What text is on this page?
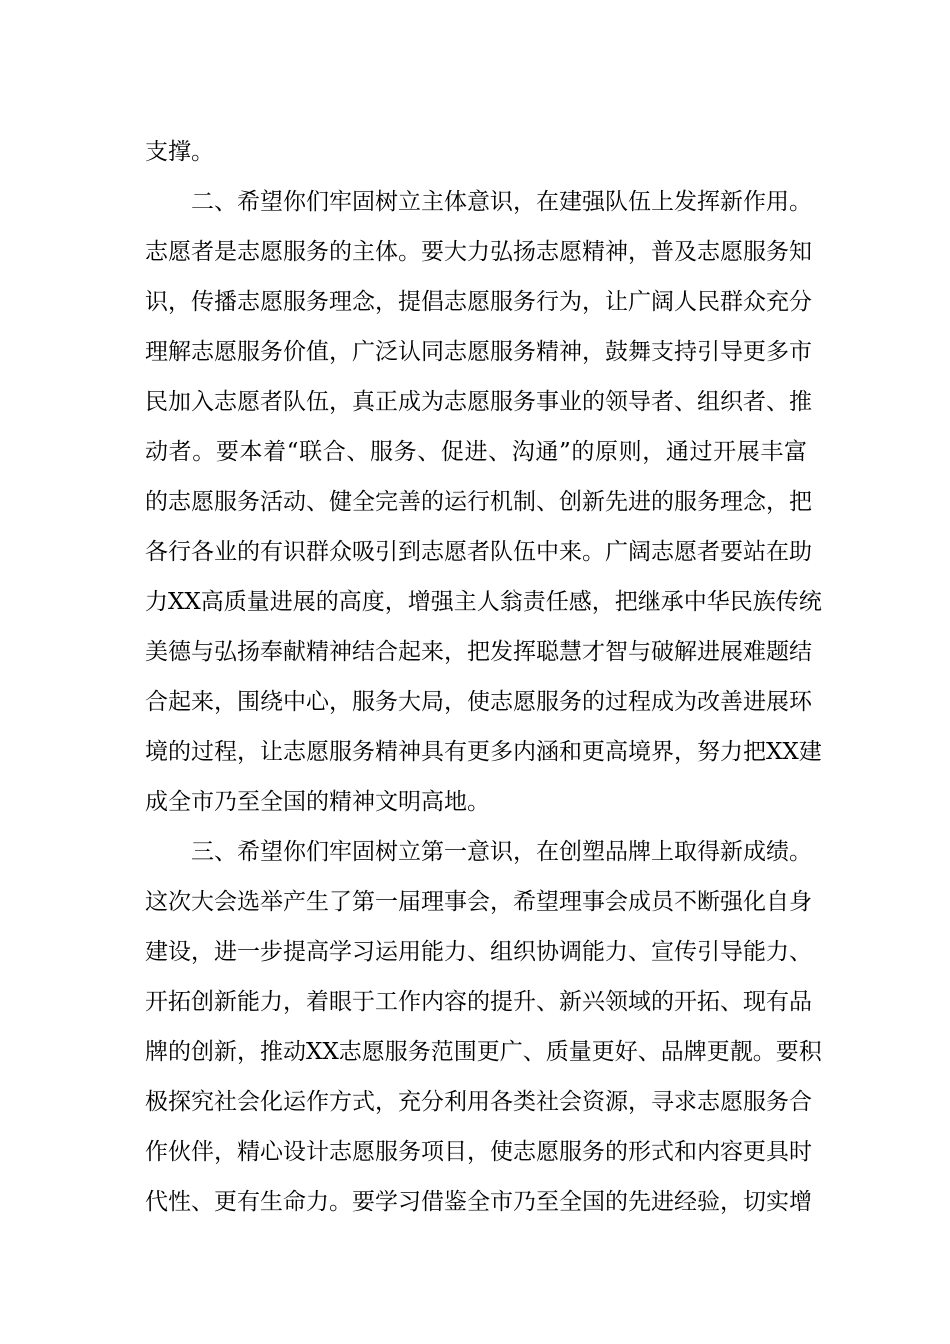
支撑。
二、希望你们牢固树立主体意识，在建强队伍上发挥新作用。
志愿者是志愿服务的主体。要大力弘扬志愿精神，普及志愿服务知
识，传播志愿服务理念，提倡志愿服务行为，让广阔人民群众充分
理解志愿服务价值，广泛认同志愿服务精神，鼓舞支持引导更多市
民加入志愿者队伍，真正成为志愿服务事业的领导者、组织者、推
动者。要本着“联合、服务、促进、沟通”的原则，通过开展丰富
的志愿服务活动、健全完善的运行机制、创新先进的服务理念，把
各行各业的有识群众吸引到志愿者队伍中来。广阔志愿者要站在助
力XX高质量进展的高度，增强主人翁责任感，把继承中华民族传统
美德与弘扬奉献精神结合起来，把发挥聪慧才智与破解进展难题结
合起来，围绕中心，服务大局，使志愿服务的过程成为改善进展环
境的过程，让志愿服务精神具有更多内涵和更高境界，努力把XX建
成全市乃至全国的精神文明高地。
三、希望你们牢固树立第一意识，在创塑品牌上取得新成绩。
这次大会选举产生了第一届理事会，希望理事会成员不断强化自身
建设，进一步提高学习运用能力、组织协调能力、宣传引导能力、
开拓创新能力，着眼于工作内容的提升、新兴领域的开拓、现有品
牌的创新，推动XX志愿服务范围更广、质量更好、品牌更靓。要积
极探究社会化运作方式，充分利用各类社会资源，寻求志愿服务合
作伙伴，精心设计志愿服务项目，使志愿服务的形式和内容更具时
代性、更有生命力。要学习借鉴全市乃至全国的先进经验，切实增
